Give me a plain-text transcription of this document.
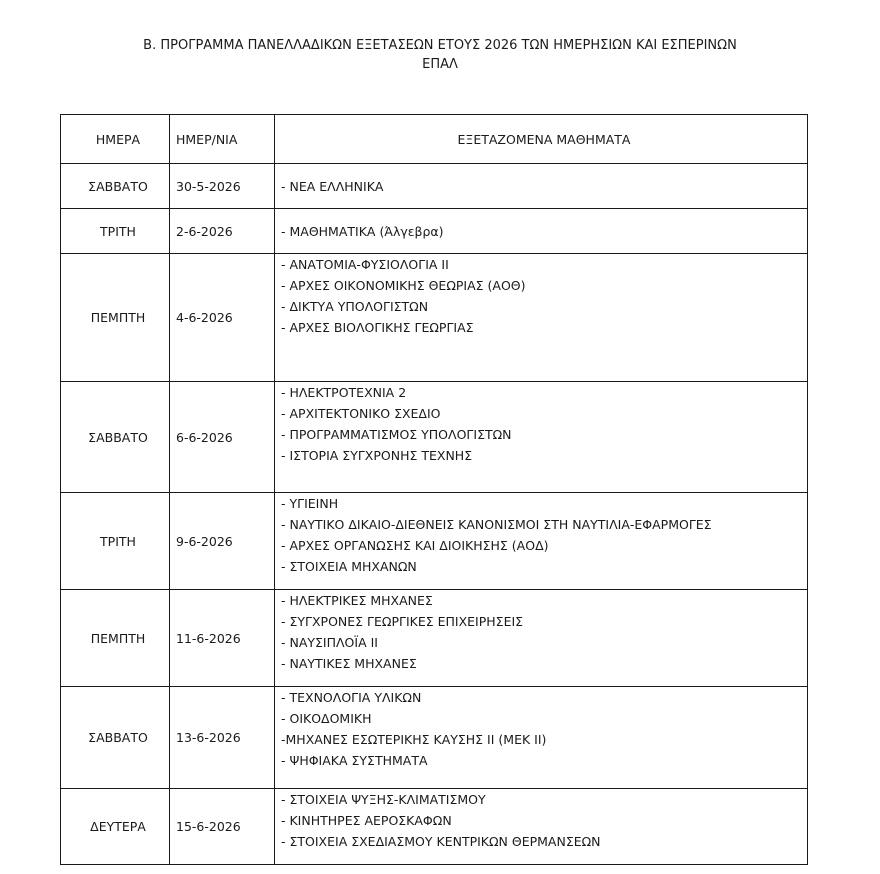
Β. ΠΡΟΓΡΑΜΜΑ ΠΑΝΕΛΛΑΔΙΚΩΝ ΕΞΕΤΑΣΕΩΝ ΕΤΟΥΣ 2026 ΤΩΝ ΗΜΕΡΗΣΙΩΝ ΚΑΙ ΕΣΠΕΡΙΝΩΝ
ΕΠΑΛ
ΗΜΕΡΑ	ΗΜΕΡ/ΝΙΑ	ΕΞΕΤΑΖΟΜΕΝΑ ΜΑΘΗΜΑΤΑ
ΣΑΒΒΑΤΟ	30-5-2026	- ΝΕΑ ΕΛΛΗΝΙΚΑ

ΤΡΙΤΗ	2-6-2026	- ΜΑΘΗΜΑΤΙΚΑ (Άλγεβρα)

ΠΕΜΠΤΗ	4-6-2026	- ΑΝΑΤΟΜΙΑ-ΦΥΣΙΟΛΟΓΙΑ ΙΙ
- ΑΡΧΕΣ ΟΙΚΟΝΟΜΙΚΗΣ ΘΕΩΡΙΑΣ (ΑΟΘ)
- ΔΙΚΤΥΑ ΥΠΟΛΟΓΙΣΤΩΝ
- ΑΡΧΕΣ ΒΙΟΛΟΓΙΚΗΣ ΓΕΩΡΓΙΑΣ

ΣΑΒΒΑΤΟ	6-6-2026	- ΗΛΕΚΤΡΟΤΕΧΝΙΑ 2
- ΑΡΧΙΤΕΚΤΟΝΙΚΟ ΣΧΕΔΙΟ
- ΠΡΟΓΡΑΜΜΑΤΙΣΜΟΣ ΥΠΟΛΟΓΙΣΤΩΝ
- ΙΣΤΟΡΙΑ ΣΥΓΧΡΟΝΗΣ ΤΕΧΝΗΣ

ΤΡΙΤΗ	9-6-2026	- ΥΓΙΕΙΝΗ
- ΝΑΥΤΙΚΟ ΔΙΚΑΙΟ-ΔΙΕΘΝΕΙΣ ΚΑΝΟΝΙΣΜΟΙ ΣΤΗ ΝΑΥΤΙΛΙΑ-ΕΦΑΡΜΟΓΕΣ
- ΑΡΧΕΣ ΟΡΓΑΝΩΣΗΣ ΚΑΙ ΔΙΟΙΚΗΣΗΣ (ΑΟΔ)
- ΣΤΟΙΧΕΙΑ ΜΗΧΑΝΩΝ

ΠΕΜΠΤΗ	11-6-2026	- ΗΛΕΚΤΡΙΚΕΣ ΜΗΧΑΝΕΣ
- ΣΥΓΧΡΟΝΕΣ ΓΕΩΡΓΙΚΕΣ ΕΠΙΧΕΙΡΗΣΕΙΣ
- ΝΑΥΣΙΠΛΟΪΑ ΙΙ
- ΝΑΥΤΙΚΕΣ ΜΗΧΑΝΕΣ

ΣΑΒΒΑΤΟ	13-6-2026	- ΤΕΧΝΟΛΟΓΙΑ ΥΛΙΚΩΝ
- ΟΙΚΟΔΟΜΙΚΗ
-ΜΗΧΑΝΕΣ ΕΣΩΤΕΡΙΚΗΣ ΚΑΥΣΗΣ ΙΙ (ΜΕΚ ΙΙ)
- ΨΗΦΙΑΚΑ ΣΥΣΤΗΜΑΤΑ

ΔΕΥΤΕΡΑ	15-6-2026	- ΣΤΟΙΧΕΙΑ ΨΥΞΗΣ-ΚΛΙΜΑΤΙΣΜΟΥ
- ΚΙΝΗΤΗΡΕΣ ΑΕΡΟΣΚΑΦΩΝ
- ΣΤΟΙΧΕΙΑ ΣΧΕΔΙΑΣΜΟΥ ΚΕΝΤΡΙΚΩΝ ΘΕΡΜΑΝΣΕΩΝ
